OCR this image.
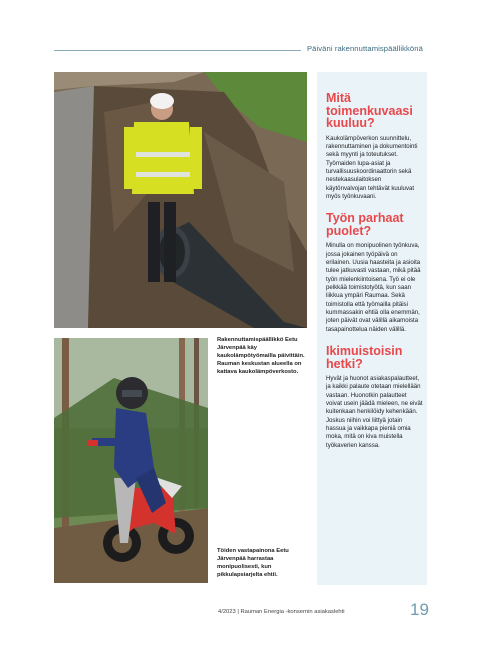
Päiväni rakennuttamispäällikkönä
Rakennuttamispäällikkö Eetu Järvenpää käy kaukolämpötyömailla päivittäin. Rauman keskustan alueella on kattava kaukolämpöverkosto.
Töiden vastapainona Eetu Järvenpää harrastaa monipuolisesti, kun pikkulapsiarjelta ehtii.
Mitä toimenkuvaasi kuuluu?
Kaukolämpöverkon suunnittelu, rakennuttaminen ja dokumentointi sekä myynti ja toteutukset. Työmaiden lupa-asiat ja turvallisuuskoordinaattorin sekä nestekaasulaitoksen käytönvalvojan tehtävät kuuluvat myös työnkuvaani.
Työn parhaat puolet?
Minulla on monipuolinen työnkuva, jossa jokainen työpäivä on erilainen. Uusia haasteita ja asioita tulee jatkuvasti vastaan, mikä pitää työn mielenkiintoisena. Työ ei ole pelkkää toimistotyötä, kun saan liikkua ympäri Raumaa. Sekä toimistolla että työmailla pitäisi kummassakin ehtiä olla enemmän, joten päivät ovat välillä aikamoista tasapainottelua näiden välillä.
Ikimuistoisin hetki?
Hyvät ja huonot asiakaspalautteet, ja kaikki palaute otetaan mielellään vastaan. Huonotkin palautteet voivat usein jäädä mieleen, ne eivät kuitenkaan henkilöidy kehenkään. Joskus niihin voi liittyä jotain hassua ja vaikkapa pieniä omia moka, mitä on kiva muistella työkaverien kanssa.
4/2023 | Rauman Energia -konsernin asiakaslehti	19
